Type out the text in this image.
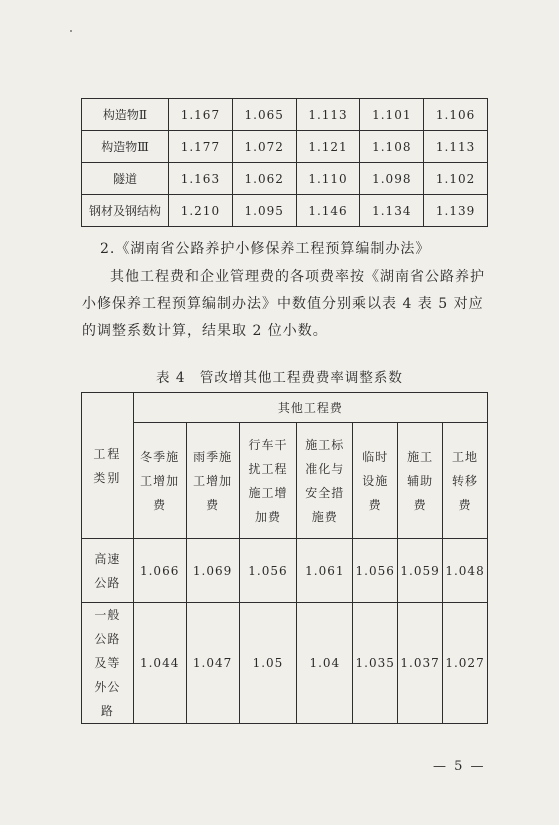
构造物Ⅱ	1.167	1.065	1.113	1.101	1.106
构造物Ⅲ	1.177	1.072	1.121	1.108	1.113
隧道	1.163	1.062	1.110	1.098	1.102
钢材及钢结构	1.210	1.095	1.146	1.134	1.139
2.《湖南省公路养护小修保养工程预算编制办法》
其他工程费和企业管理费的各项费率按《湖南省公路养护小修保养工程预算编制办法》中数值分别乘以表 4 表 5 对应的调整系数计算，结果取 2 位小数。
表 4　管改增其他工程费费率调整系数
工程类别	其他工程费						

	冬季施工增加费	雨季施工增加费	行车干扰工程施工增加费	施工标准化与安全措施费	临时设施费	施工辅助费	工地转移费

高速公路	1.066	1.069	1.056	1.061	1.056	1.059	1.048

一般公路及等外公路	1.044	1.047	1.05	1.04	1.035	1.037	1.027
— 5 —
